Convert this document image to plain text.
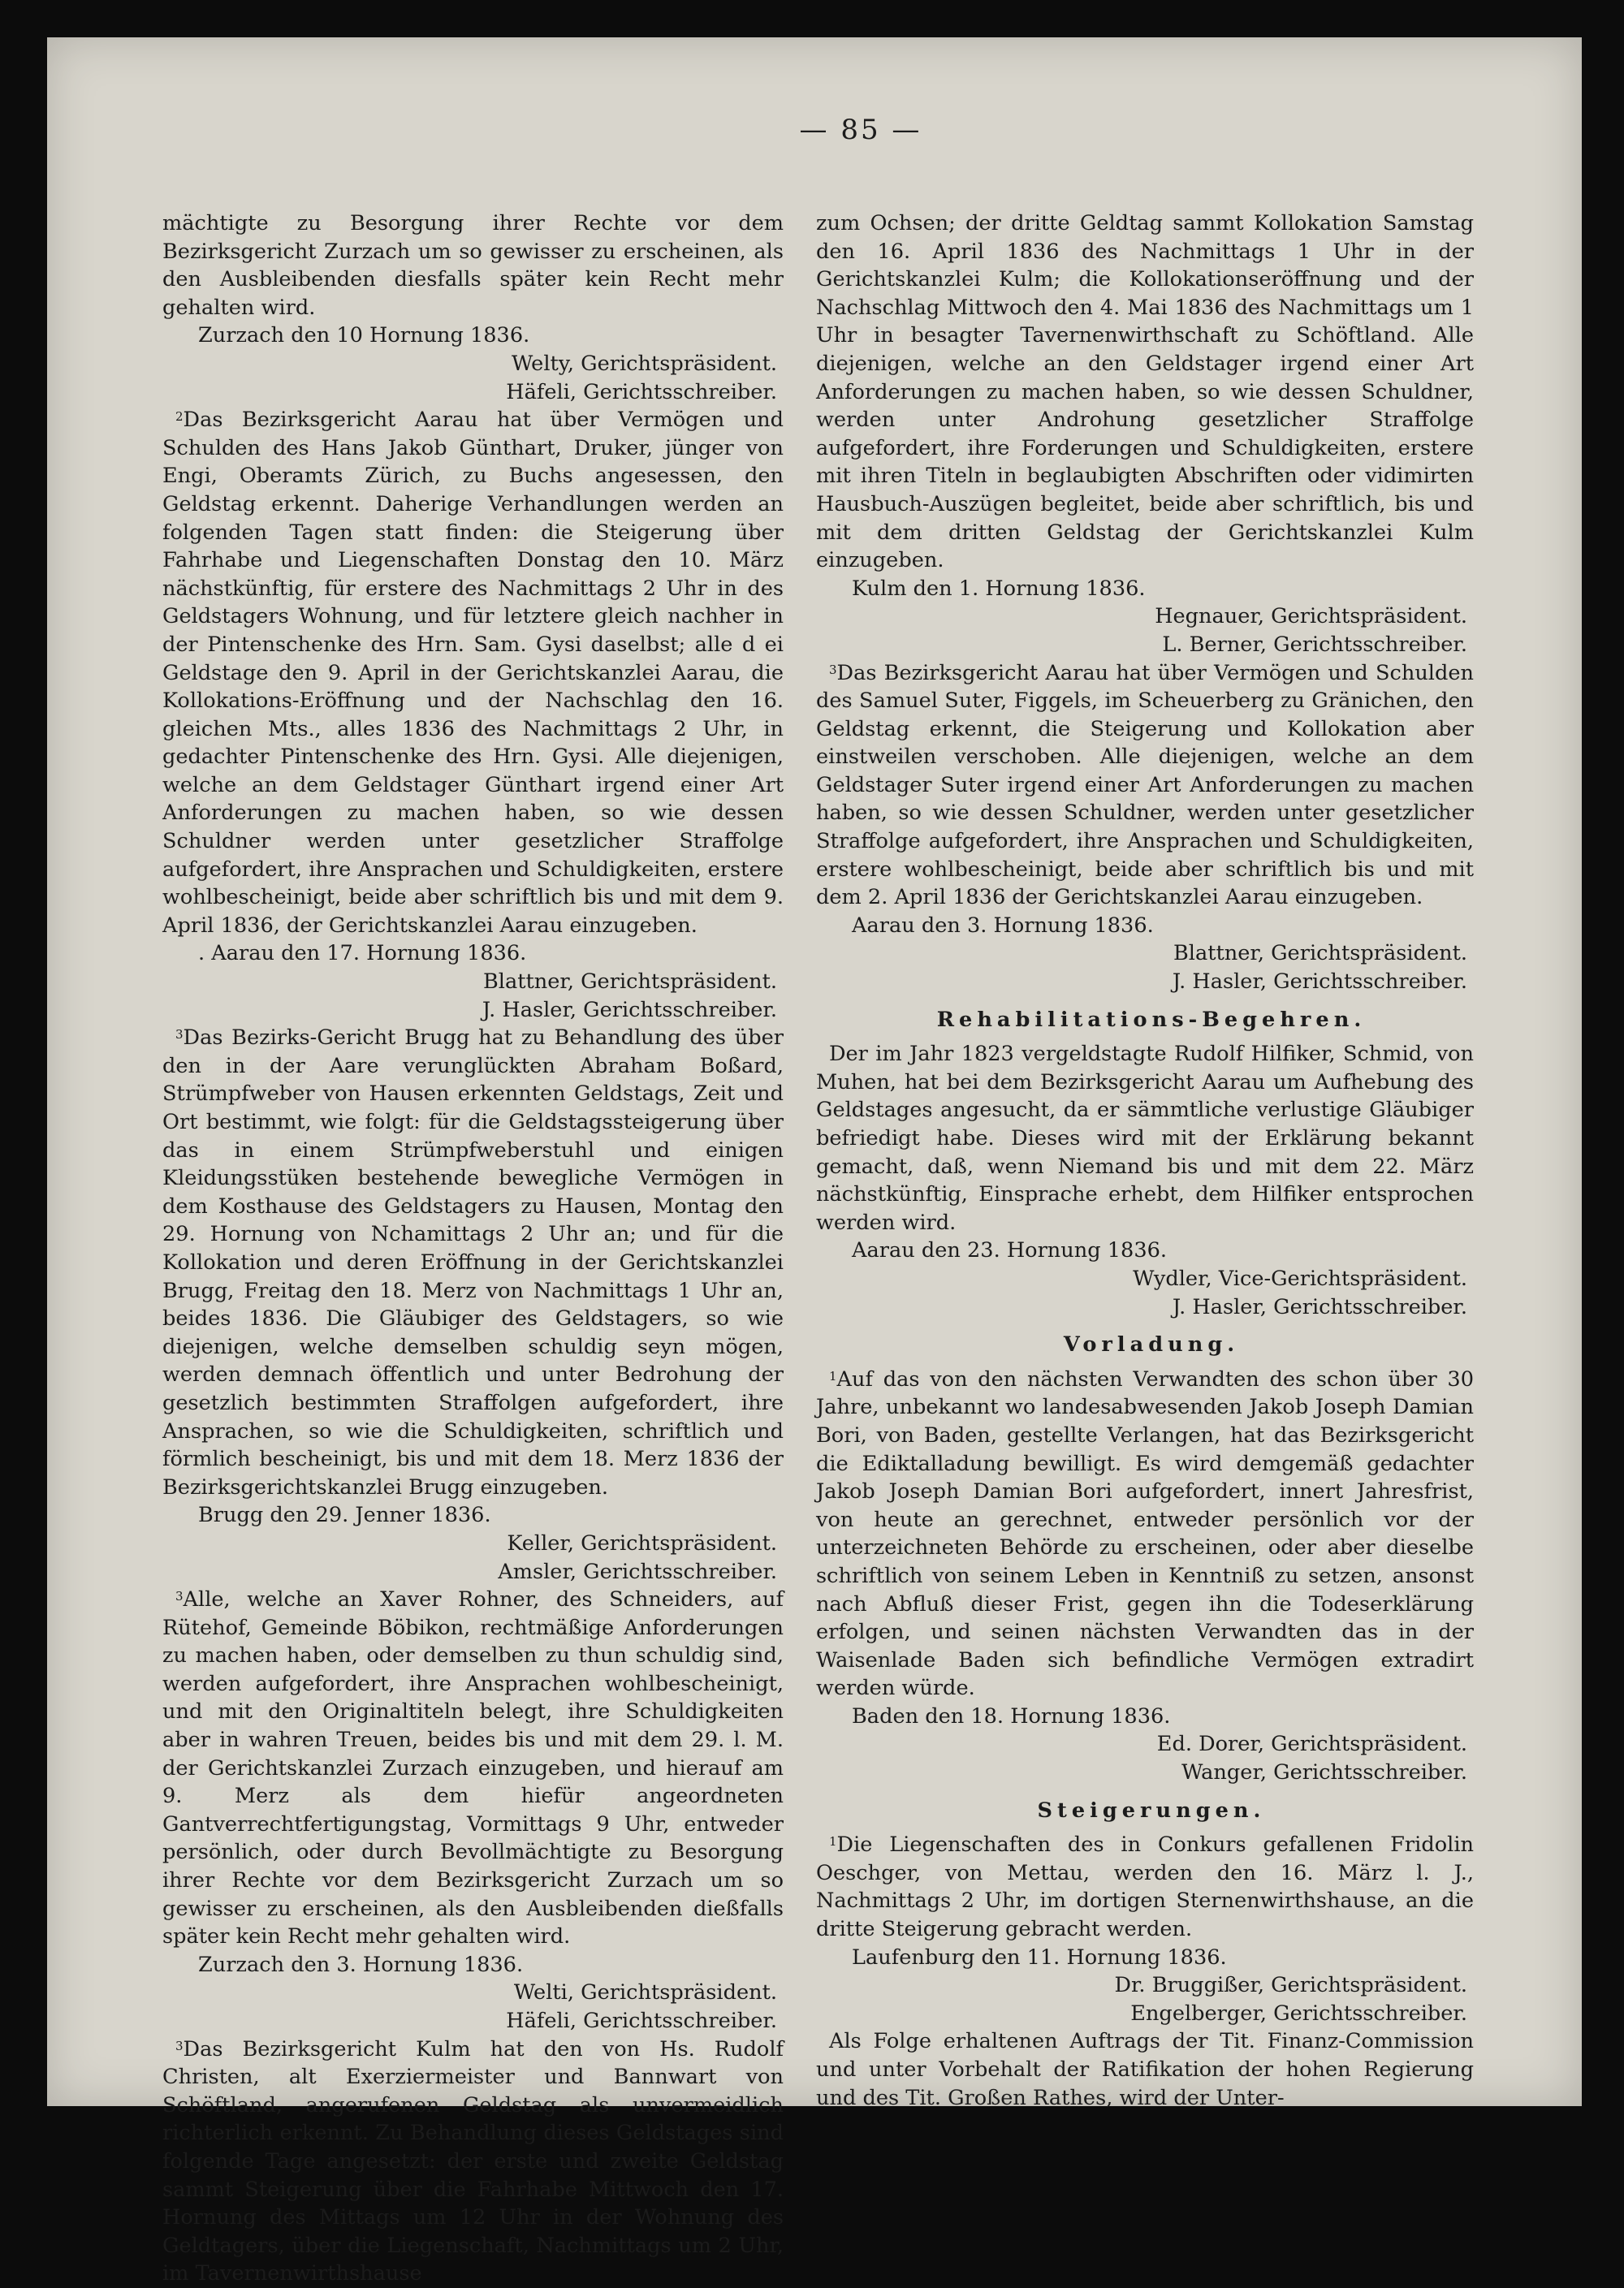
— 85 —

mächtigte zu Besorgung ihrer Rechte vor dem Bezirksgericht Zurzach um so gewisser zu erscheinen, als den Ausbleibenden diesfalls später kein Recht mehr gehalten wird.

Zurzach den 10 Hornung 1836.

Welty, Gerichtspräsident.

Häfeli, Gerichtsschreiber.

$^2$Das Bezirksgericht Aarau hat über Vermögen und Schulden des Hans Jakob Günthart, Druker, jünger von Engi, Oberamts Zürich, zu Buchs angesessen, den Geldstag erkennt. Daherige Verhandlungen werden an folgenden Tagen statt finden: die Steigerung über Fahrhabe und Liegenschaften Donstag den 10. März nächstkünftig, für erstere des Nachmittags 2 Uhr in des Geldstagers Wohnung, und für letztere gleich nachher in der Pintenschenke des Hrn. Sam. Gysi daselbst; alle d ei Geldstage den 9. April in der Gerichtskanzlei Aarau, die Kollokations-Eröffnung und der Nachschlag den 16. gleichen Mts., alles 1836 des Nachmittags 2 Uhr, in gedachter Pintenschenke des Hrn. Gysi. Alle diejenigen, welche an dem Geldstager Günthart irgend einer Art Anforderungen zu machen haben, so wie dessen Schuldner werden unter gesetzlicher Straffolge aufgefordert, ihre Ansprachen und Schuldigkeiten, erstere wohlbescheinigt, beide aber schriftlich bis und mit dem 9. April 1836, der Gerichtskanzlei Aarau einzugeben.

. Aarau den 17. Hornung 1836.

Blattner, Gerichtspräsident.

J. Hasler, Gerichtsschreiber.

$^3$Das Bezirks-Gericht Brugg hat zu Behandlung des über den in der Aare verunglückten Abraham Boßard, Strümpfweber von Hausen erkennten Geldstags, Zeit und Ort bestimmt, wie folgt: für die Geldstagssteigerung über das in einem Strümpfweberstuhl und einigen Kleidungsstüken bestehende bewegliche Vermögen in dem Kosthause des Geldstagers zu Hausen, Montag den 29. Hornung von Nchamittags 2 Uhr an; und für die Kollokation und deren Eröffnung in der Gerichtskanzlei Brugg, Freitag den 18. Merz von Nachmittags 1 Uhr an, beides 1836. Die Gläubiger des Geldstagers, so wie diejenigen, welche demselben schuldig seyn mögen, werden demnach öffentlich und unter Bedrohung der gesetzlich bestimmten Straffolgen aufgefordert, ihre Ansprachen, so wie die Schuldigkeiten, schriftlich und förmlich bescheinigt, bis und mit dem 18. Merz 1836 der Bezirksgerichtskanzlei Brugg einzugeben.

Brugg den 29. Jenner 1836.

Keller, Gerichtspräsident.

Amsler, Gerichtsschreiber.

$^3$Alle, welche an Xaver Rohner, des Schneiders, auf Rütehof, Gemeinde Böbikon, rechtmäßige Anforderungen zu machen haben, oder demselben zu thun schuldig sind, werden aufgefordert, ihre Ansprachen wohlbescheinigt, und mit den Originaltiteln belegt, ihre Schuldigkeiten aber in wahren Treuen, beides bis und mit dem 29. l. M. der Gerichtskanzlei Zurzach einzugeben, und hierauf am 9. Merz als dem hiefür angeordneten Gantverrechtfertigungstag, Vormittags 9 Uhr, entweder persönlich, oder durch Bevollmächtigte zu Besorgung ihrer Rechte vor dem Bezirksgericht Zurzach um so gewisser zu erscheinen, als den Ausbleibenden dießfalls später kein Recht mehr gehalten wird.

Zurzach den 3. Hornung 1836.

Welti, Gerichtspräsident.

Häfeli, Gerichtsschreiber.

$^3$Das Bezirksgericht Kulm hat den von Hs. Rudolf Christen, alt Exerziermeister und Bannwart von Schöftland, angerufenen Geldstag als unvermeidlich richterlich erkennt. Zu Behandlung dieses Geldstages sind folgende Tage angesetzt: der erste und zweite Geldstag sammt Steigerung über die Fahrhabe Mittwoch den 17. Hornung des Mittags um 12 Uhr in der Wohnung des Geldtagers, über die Liegenschaft, Nachmittags um 2 Uhr, im Tavernenwirthshause

zum Ochsen; der dritte Geldtag sammt Kollokation Samstag den 16. April 1836 des Nachmittags 1 Uhr in der Gerichtskanzlei Kulm; die Kollokationseröffnung und der Nachschlag Mittwoch den 4. Mai 1836 des Nachmittags um 1 Uhr in besagter Tavernenwirthschaft zu Schöftland. Alle diejenigen, welche an den Geldstager irgend einer Art Anforderungen zu machen haben, so wie dessen Schuldner, werden unter Androhung gesetzlicher Straffolge aufgefordert, ihre Forderungen und Schuldigkeiten, erstere mit ihren Titeln in beglaubigten Abschriften oder vidimirten Hausbuch-Auszügen begleitet, beide aber schriftlich, bis und mit dem dritten Geldstag der Gerichtskanzlei Kulm einzugeben.

Kulm den 1. Hornung 1836.

Hegnauer, Gerichtspräsident.

L. Berner, Gerichtsschreiber.

$^3$Das Bezirksgericht Aarau hat über Vermögen und Schulden des Samuel Suter, Figgels, im Scheuerberg zu Gränichen, den Geldstag erkennt, die Steigerung und Kollokation aber einstweilen verschoben. Alle diejenigen, welche an dem Geldstager Suter irgend einer Art Anforderungen zu machen haben, so wie dessen Schuldner, werden unter gesetzlicher Straffolge aufgefordert, ihre Ansprachen und Schuldigkeiten, erstere wohlbescheinigt, beide aber schriftlich bis und mit dem 2. April 1836 der Gerichtskanzlei Aarau einzugeben.

Aarau den 3. Hornung 1836.

Blattner, Gerichtspräsident.

J. Hasler, Gerichtsschreiber.

Rehabilitations-Begehren.

Der im Jahr 1823 vergeldstagte Rudolf Hilfiker, Schmid, von Muhen, hat bei dem Bezirksgericht Aarau um Aufhebung des Geldstages angesucht, da er sämmtliche verlustige Gläubiger befriedigt habe. Dieses wird mit der Erklärung bekannt gemacht, daß, wenn Niemand bis und mit dem 22. März nächstkünftig, Einsprache erhebt, dem Hilfiker entsprochen werden wird.

Aarau den 23. Hornung 1836.

Wydler, Vice-Gerichtspräsident.

J. Hasler, Gerichtsschreiber.

Vorladung.

$^1$Auf das von den nächsten Verwandten des schon über 30 Jahre, unbekannt wo landesabwesenden Jakob Joseph Damian Bori, von Baden, gestellte Verlangen, hat das Bezirksgericht die Ediktalladung bewilligt. Es wird demgemäß gedachter Jakob Joseph Damian Bori aufgefordert, innert Jahresfrist, von heute an gerechnet, entweder persönlich vor der unterzeichneten Behörde zu erscheinen, oder aber dieselbe schriftlich von seinem Leben in Kenntniß zu setzen, ansonst nach Abfluß dieser Frist, gegen ihn die Todeserklärung erfolgen, und seinen nächsten Verwandten das in der Waisenlade Baden sich befindliche Vermögen extradirt werden würde.

Baden den 18. Hornung 1836.

Ed. Dorer, Gerichtspräsident.

Wanger, Gerichtsschreiber.

Steigerungen.

$^1$Die Liegenschaften des in Conkurs gefallenen Fridolin Oeschger, von Mettau, werden den 16. März l. J., Nachmittags 2 Uhr, im dortigen Sternenwirthshause, an die dritte Steigerung gebracht werden.

Laufenburg den 11. Hornung 1836.

Dr. Bruggißer, Gerichtspräsident.

Engelberger, Gerichtsschreiber.

Als Folge erhaltenen Auftrags der Tit. Finanz-Commission und unter Vorbehalt der Ratifikation der hohen Regierung und des Tit. Großen Rathes, wird der Unter-
